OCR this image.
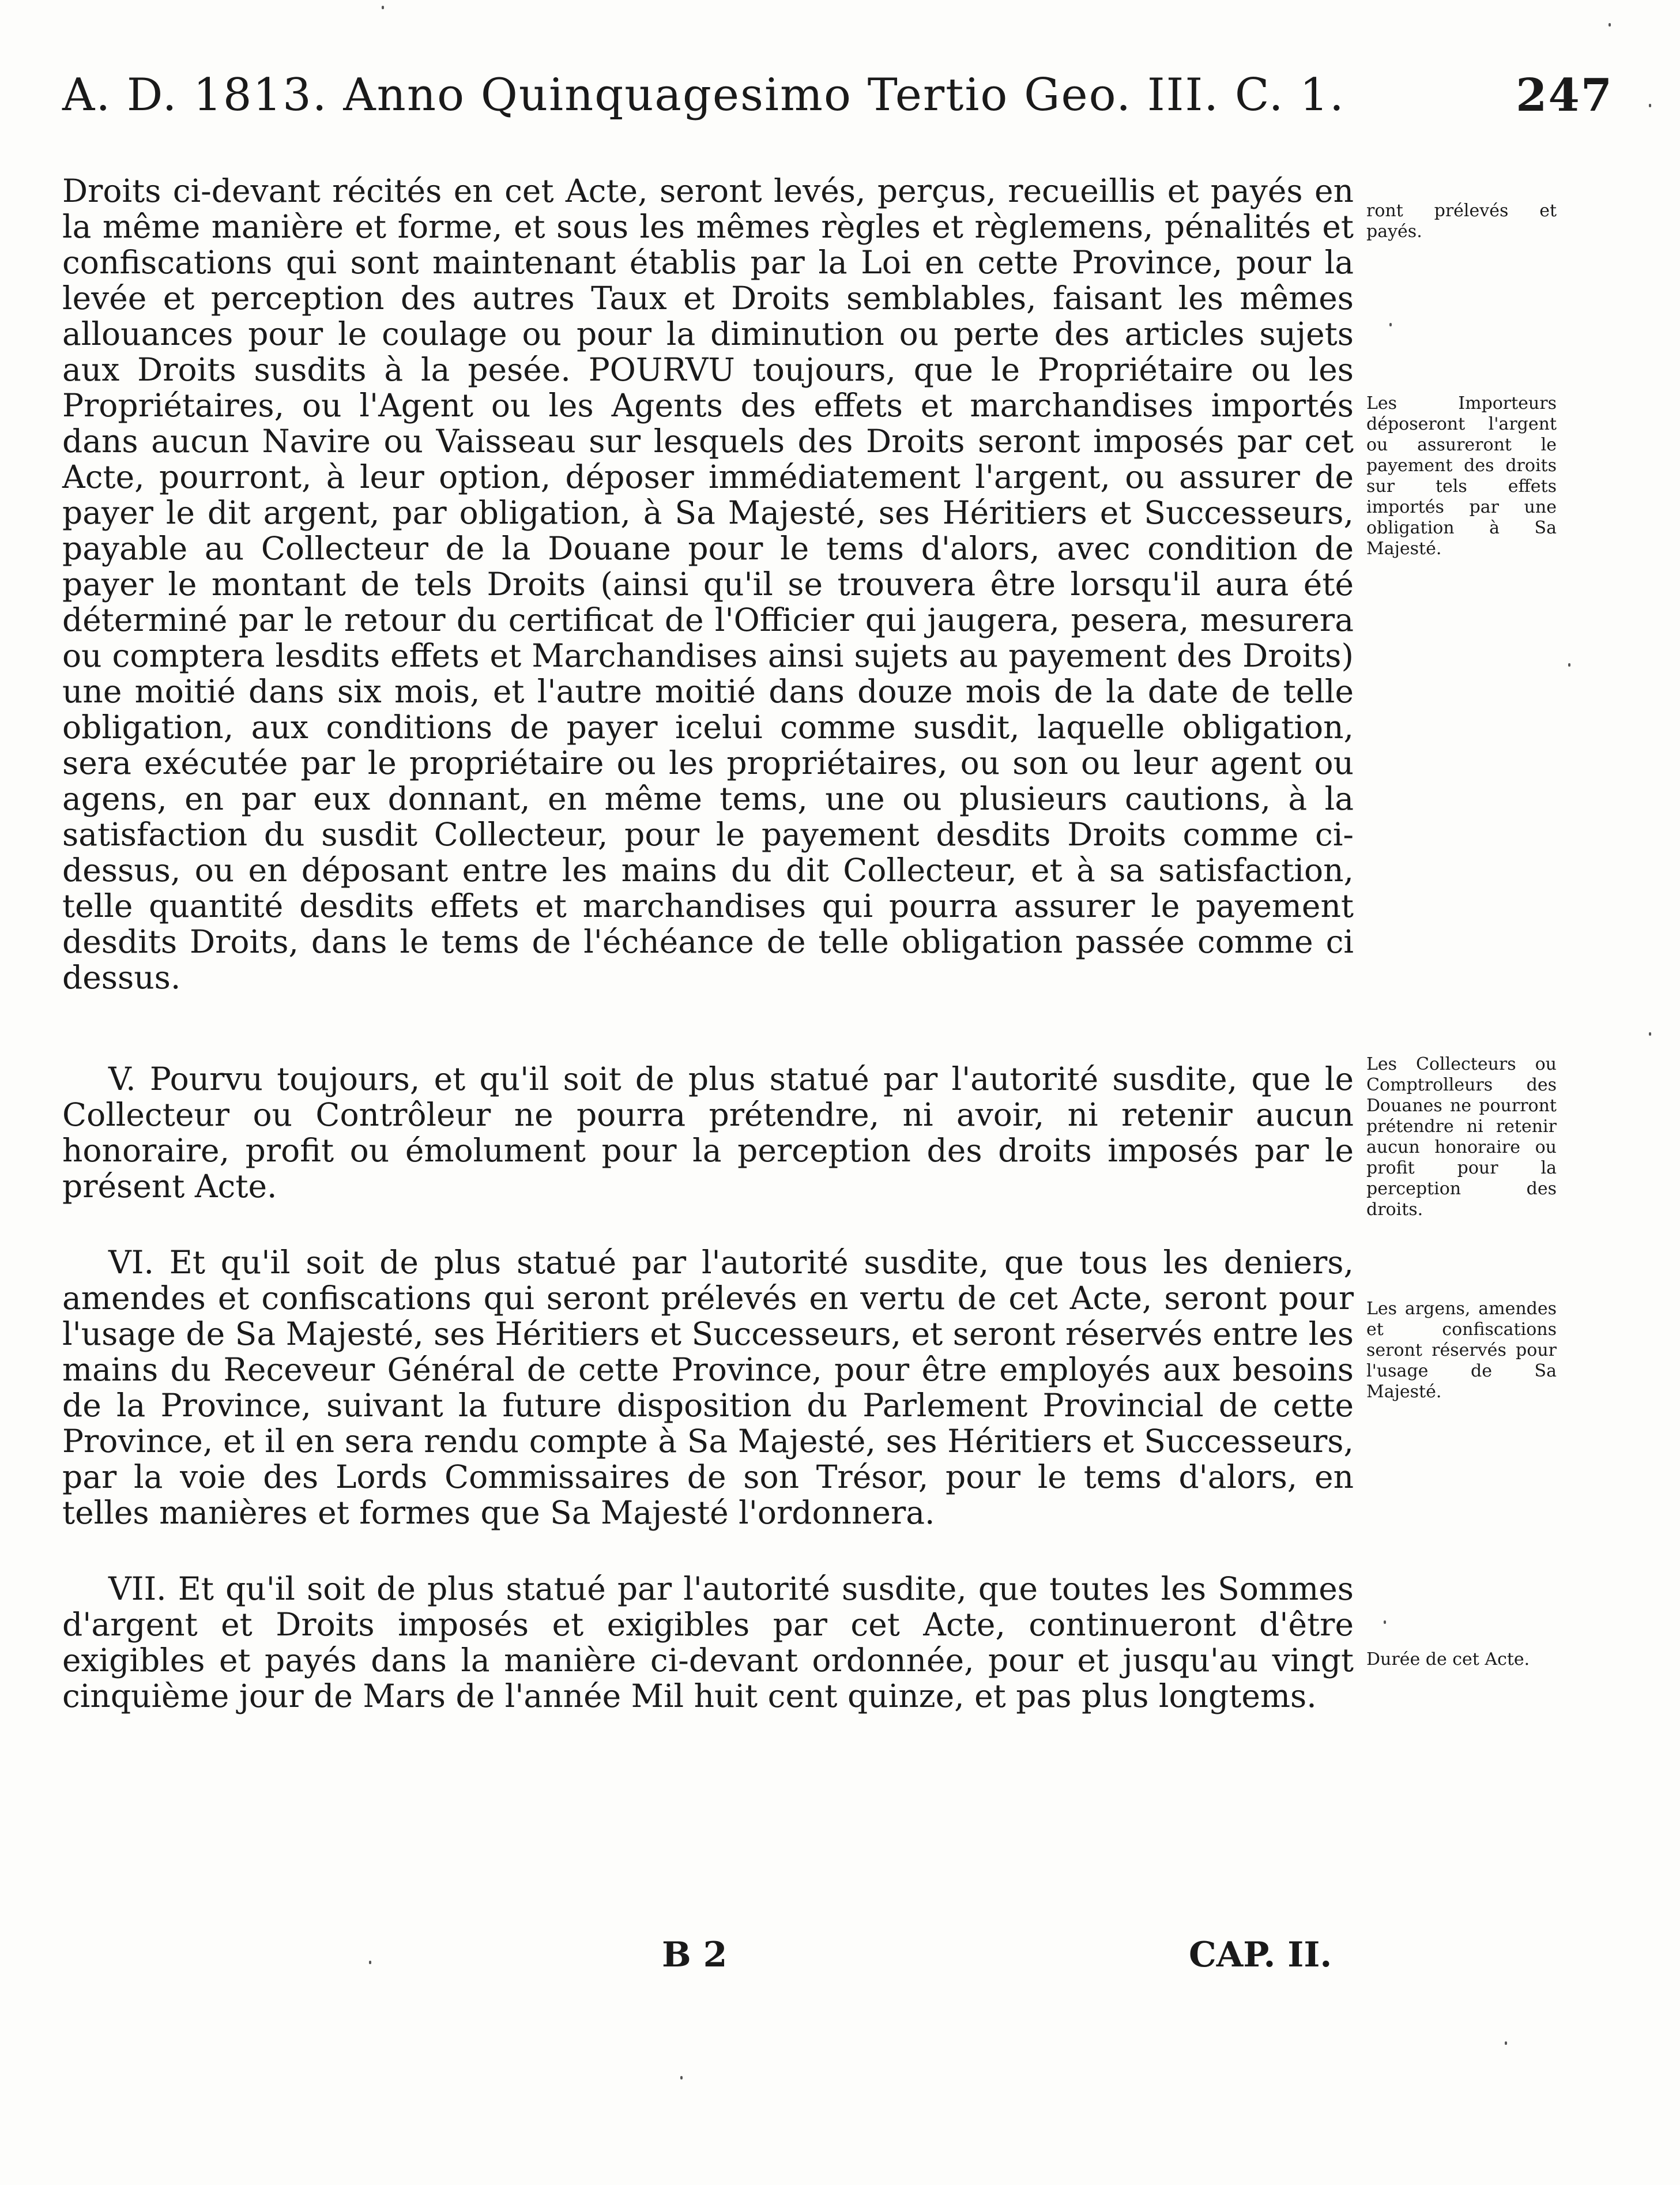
A. D. 1813. Anno Quinquagesimo Tertio Geo. III. C. 1.	247

Droits ci-devant récités en cet Acte, seront levés, perçus, recueillis et payés en la même manière et forme, et sous les mêmes règles et règlemens, pénalités et confiscations qui sont maintenant établis par la Loi en cette Province, pour la levée et perception des autres Taux et Droits semblables, faisant les mêmes allouances pour le coulage ou pour la diminution ou perte des articles sujets aux Droits susdits à la pesée. POURVU toujours, que le Propriétaire ou les Propriétaires, ou l'Agent ou les Agents des effets et marchandises importés dans aucun Navire ou Vaisseau sur lesquels des Droits seront imposés par cet Acte, pourront, à leur option, déposer immédiatement l'argent, ou assurer de payer le dit argent, par obligation, à Sa Majesté, ses Héritiers et Successeurs, payable au Collecteur de la Douane pour le tems d'alors, avec condition de payer le montant de tels Droits (ainsi qu'il se trouvera être lorsqu'il aura été déterminé par le retour du certificat de l'Officier qui jaugera, pesera, mesurera ou comptera lesdits effets et Marchandises ainsi sujets au payement des Droits) une moitié dans six mois, et l'autre moitié dans douze mois de la date de telle obligation, aux conditions de payer icelui comme susdit, laquelle obligation, sera exécutée par le propriétaire ou les propriétaires, ou son ou leur agent ou agens, en par eux donnant, en même tems, une ou plusieurs cautions, à la satisfaction du susdit Collecteur, pour le payement desdits Droits comme ci-dessus, ou en déposant entre les mains du dit Collecteur, et à sa satisfaction, telle quantité desdits effets et marchandises qui pourra assurer le payement desdits Droits, dans le tems de l'échéance de telle obligation passée comme ci dessus.

V. Pourvu toujours, et qu'il soit de plus statué par l'autorité susdite, que le Collecteur ou Contrôleur ne pourra prétendre, ni avoir, ni retenir aucun honoraire, profit ou émolument pour la perception des droits imposés par le présent Acte.

VI. Et qu'il soit de plus statué par l'autorité susdite, que tous les deniers, amendes et confiscations qui seront prélevés en vertu de cet Acte, seront pour l'usage de Sa Majesté, ses Héritiers et Successeurs, et seront réservés entre les mains du Receveur Général de cette Province, pour être employés aux besoins de la Province, suivant la future disposition du Parlement Provincial de cette Province, et il en sera rendu compte à Sa Majesté, ses Héritiers et Successeurs, par la voie des Lords Commissaires de son Trésor, pour le tems d'alors, en telles manières et formes que Sa Majesté l'ordonnera.

VII. Et qu'il soit de plus statué par l'autorité susdite, que toutes les Sommes d'argent et Droits imposés et exigibles par cet Acte, continueront d'être exigibles et payés dans la manière ci-devant ordonnée, pour et jusqu'au vingt cinquième jour de Mars de l'année Mil huit cent quinze, et pas plus longtems.

ront prélevés et payés.
Les Importeurs déposeront l'argent ou assureront le payement des droits sur tels effets importés par une obligation à Sa Majesté.
Les Collecteurs ou Comptrolleurs des Douanes ne pourront prétendre ni retenir aucun honoraire ou profit pour la perception des droits.
Les argens, amendes et confiscations seront réservés pour l'usage de Sa Majesté.
Durée de cet Acte.
B 2	CAP. II.
